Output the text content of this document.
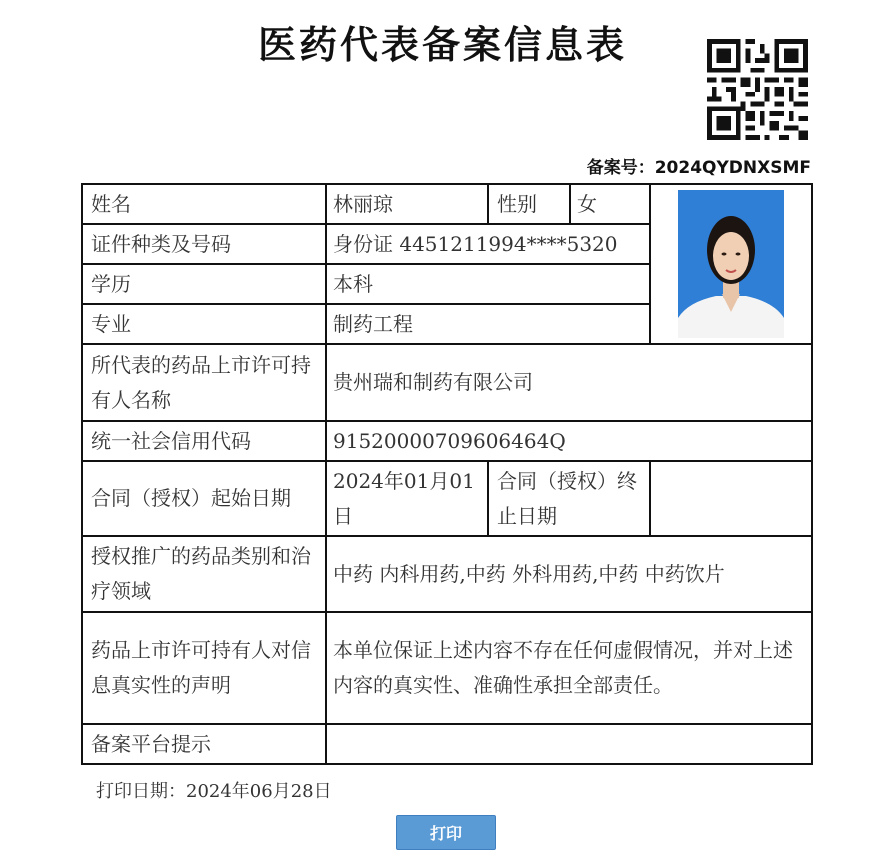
医药代表备案信息表
备案号：2024QYDNXSMF
姓名	林丽琼	性别	女	

证件种类及号码	身份证 4451211994****5320			
学历	本科			
专业	制药工程			
所代表的药品上市许可持有人名称	贵州瑞和制药有限公司			
统一社会信用代码	91520000709606464Q			
合同（授权）起始日期	2024年01月01日	合同（授权）终止日期		
授权推广的药品类别和治疗领域	中药 内科用药,中药 外科用药,中药 中药饮片			
药品上市许可持有人对信息真实性的声明	本单位保证上述内容不存在任何虚假情况，并对上述内容的真实性、准确性承担全部责任。			
备案平台提示				
打印日期：2024年06月28日
打印
